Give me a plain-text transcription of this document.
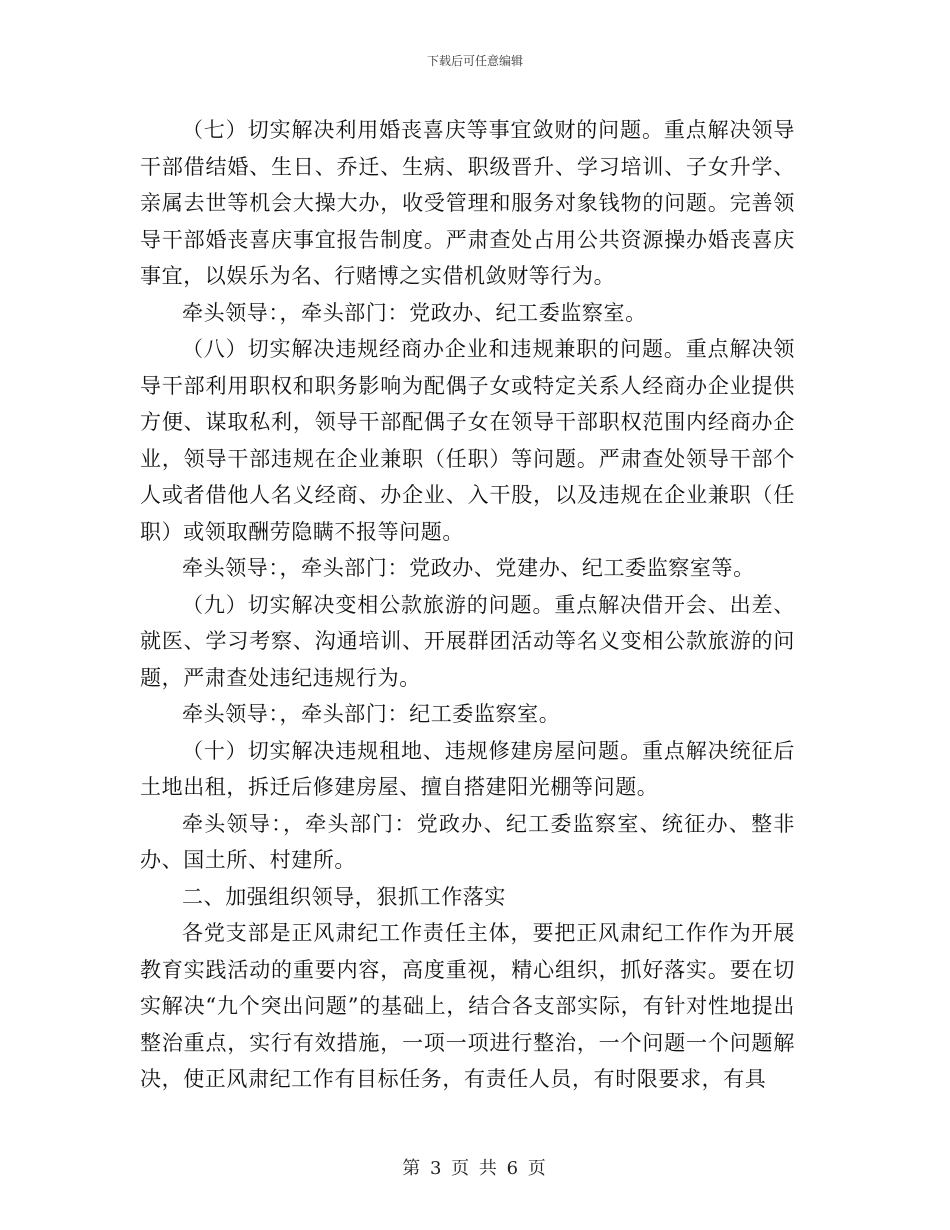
下载后可任意编辑

（七）切实解决利用婚丧喜庆等事宜敛财的问题。重点解决领导干部借结婚、生日、乔迁、生病、职级晋升、学习培训、子女升学、亲属去世等机会大操大办，收受管理和服务对象钱物的问题。完善领导干部婚丧喜庆事宜报告制度。严肃查处占用公共资源操办婚丧喜庆事宜，以娱乐为名、行赌博之实借机敛财等行为。

牵头领导：，牵头部门：党政办、纪工委监察室。

（八）切实解决违规经商办企业和违规兼职的问题。重点解决领导干部利用职权和职务影响为配偶子女或特定关系人经商办企业提供方便、谋取私利，领导干部配偶子女在领导干部职权范围内经商办企业，领导干部违规在企业兼职（任职）等问题。严肃查处领导干部个人或者借他人名义经商、办企业、入干股，以及违规在企业兼职（任职）或领取酬劳隐瞒不报等问题。

牵头领导：，牵头部门：党政办、党建办、纪工委监察室等。

（九）切实解决变相公款旅游的问题。重点解决借开会、出差、就医、学习考察、沟通培训、开展群团活动等名义变相公款旅游的问题，严肃查处违纪违规行为。

牵头领导：，牵头部门：纪工委监察室。

（十）切实解决违规租地、违规修建房屋问题。重点解决统征后土地出租，拆迁后修建房屋、擅自搭建阳光棚等问题。

牵头领导：，牵头部门：党政办、纪工委监察室、统征办、整非办、国土所、村建所。

二、加强组织领导，狠抓工作落实

各党支部是正风肃纪工作责任主体，要把正风肃纪工作作为开展教育实践活动的重要内容，高度重视，精心组织，抓好落实。要在切实解决“九个突出问题”的基础上，结合各支部实际，有针对性地提出整治重点，实行有效措施，一项一项进行整治，一个问题一个问题解决，使正风肃纪工作有目标任务，有责任人员，有时限要求，有具

第 3 页 共 6 页
